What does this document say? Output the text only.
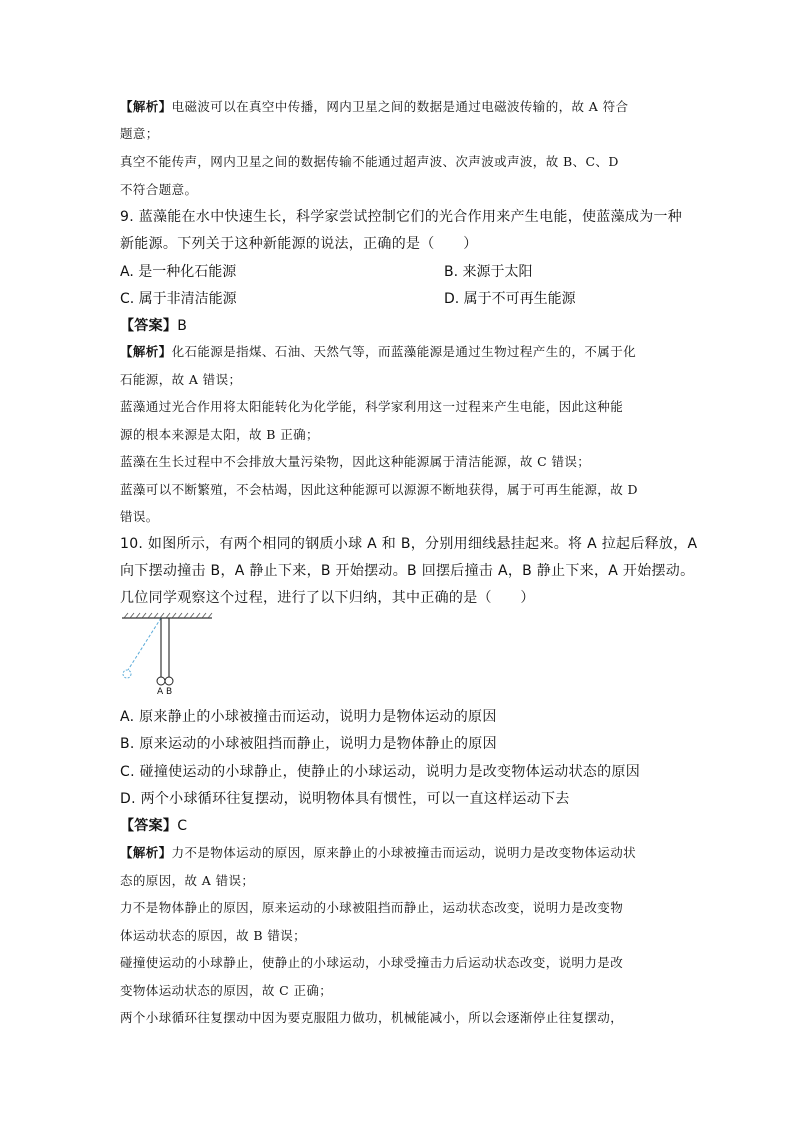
【解析】电磁波可以在真空中传播，网内卫星之间的数据是通过电磁波传输的，故 A 符合
题意；
真空不能传声，网内卫星之间的数据传输不能通过超声波、次声波或声波，故 B、C、D
不符合题意。
9. 蓝藻能在水中快速生长，科学家尝试控制它们的光合作用来产生电能，使蓝藻成为一种
新能源。下列关于这种新能源的说法，正确的是（　　）
A. 是一种化石能源	B. 来源于太阳
C. 属于非清洁能源	D. 属于不可再生能源
【答案】B
【解析】化石能源是指煤、石油、天然气等，而蓝藻能源是通过生物过程产生的，不属于化
石能源，故 A 错误；
蓝藻通过光合作用将太阳能转化为化学能，科学家利用这一过程来产生电能，因此这种能
源的根本来源是太阳，故 B 正确；
蓝藻在生长过程中不会排放大量污染物，因此这种能源属于清洁能源，故 C 错误；
蓝藻可以不断繁殖，不会枯竭，因此这种能源可以源源不断地获得，属于可再生能源，故 D
错误。
10. 如图所示，有两个相同的钢质小球 A 和 B，分别用细线悬挂起来。将 A 拉起后释放，A
向下摆动撞击 B，A 静止下来，B 开始摆动。B 回摆后撞击 A，B 静止下来，A 开始摆动。
几位同学观察这个过程，进行了以下归纳，其中正确的是（　　）
A B
A. 原来静止的小球被撞击而运动，说明力是物体运动的原因
B. 原来运动的小球被阻挡而静止，说明力是物体静止的原因
C. 碰撞使运动的小球静止，使静止的小球运动，说明力是改变物体运动状态的原因
D. 两个小球循环往复摆动，说明物体具有惯性，可以一直这样运动下去
【答案】C
【解析】力不是物体运动的原因，原来静止的小球被撞击而运动，说明力是改变物体运动状
态的原因，故 A 错误；
力不是物体静止的原因，原来运动的小球被阻挡而静止，运动状态改变，说明力是改变物
体运动状态的原因，故 B 错误；
碰撞使运动的小球静止，使静止的小球运动，小球受撞击力后运动状态改变，说明力是改
变物体运动状态的原因，故 C 正确；
两个小球循环往复摆动中因为要克服阻力做功，机械能减小，所以会逐渐停止往复摆动，
